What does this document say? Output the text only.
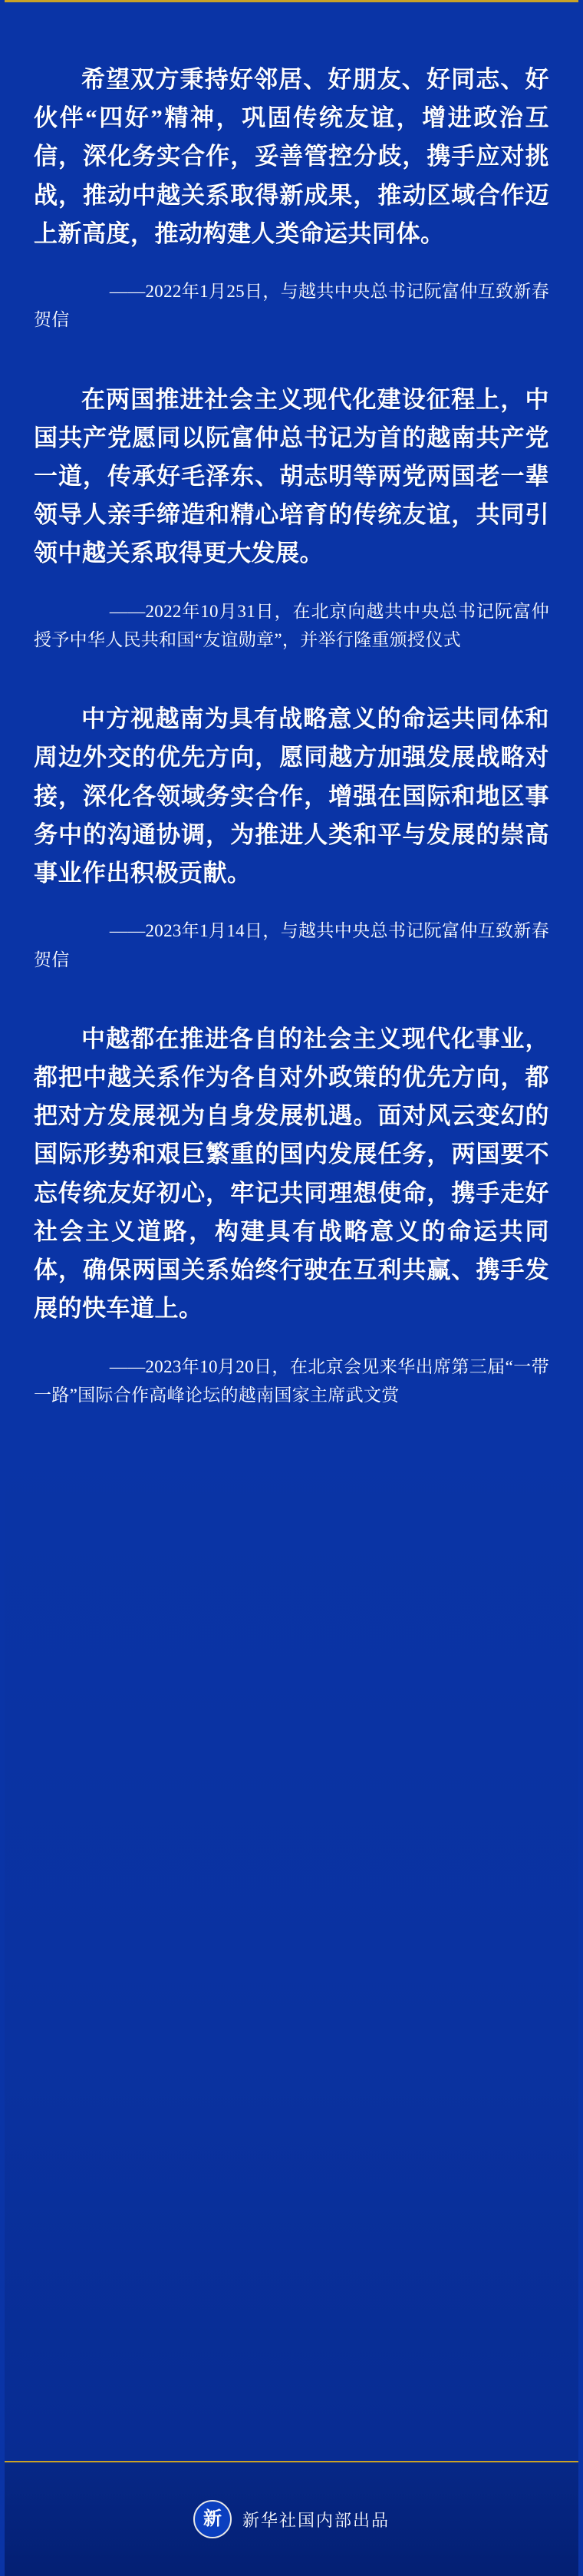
希望双方秉持好邻居、好朋友、好同志、好伙伴“四好”精神，巩固传统友谊，增进政治互信，深化务实合作，妥善管控分歧，携手应对挑战，推动中越关系取得新成果，推动区域合作迈上新高度，推动构建人类命运共同体。

——2022年1月25日，与越共中央总书记阮富仲互致新春贺信

在两国推进社会主义现代化建设征程上，中国共产党愿同以阮富仲总书记为首的越南共产党一道，传承好毛泽东、胡志明等两党两国老一辈领导人亲手缔造和精心培育的传统友谊，共同引领中越关系取得更大发展。

——2022年10月31日，在北京向越共中央总书记阮富仲授予中华人民共和国“友谊勋章”，并举行隆重颁授仪式

中方视越南为具有战略意义的命运共同体和周边外交的优先方向，愿同越方加强发展战略对接，深化各领域务实合作，增强在国际和地区事务中的沟通协调，为推进人类和平与发展的崇高事业作出积极贡献。

——2023年1月14日，与越共中央总书记阮富仲互致新春贺信

中越都在推进各自的社会主义现代化事业，都把中越关系作为各自对外政策的优先方向，都把对方发展视为自身发展机遇。面对风云变幻的国际形势和艰巨繁重的国内发展任务，两国要不忘传统友好初心，牢记共同理想使命，携手走好社会主义道路，构建具有战略意义的命运共同体，确保两国关系始终行驶在互利共赢、携手发展的快车道上。

——2023年10月20日，在北京会见来华出席第三届“一带一路”国际合作高峰论坛的越南国家主席武文赏

新 新华社国内部出品
